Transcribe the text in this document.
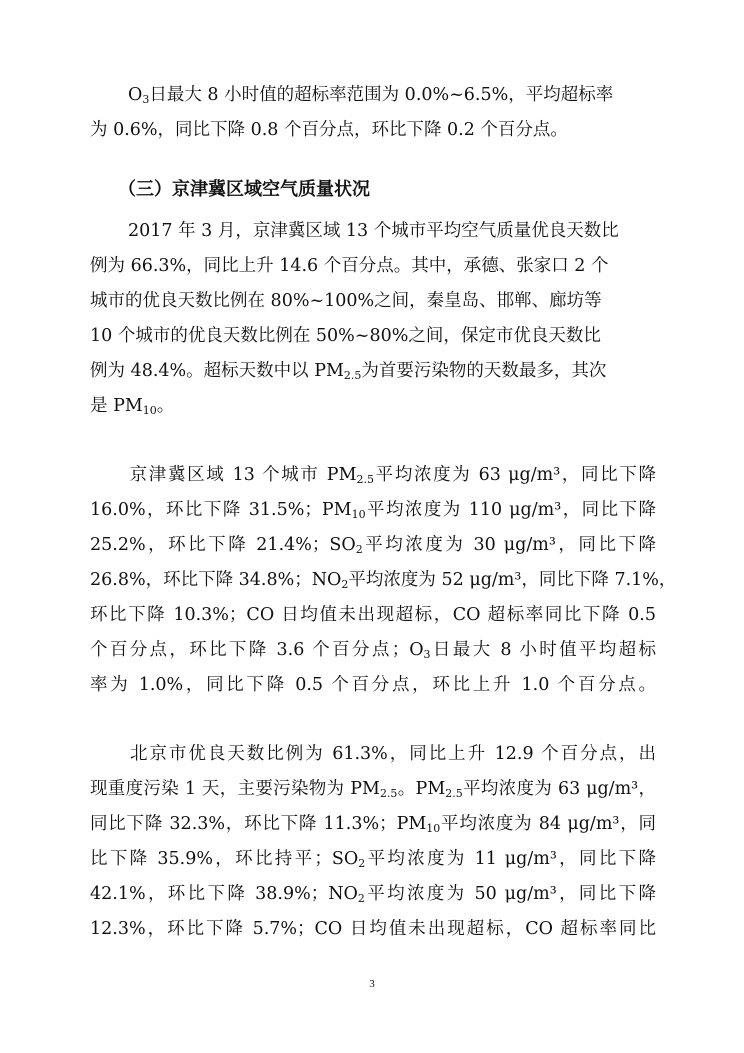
$O_3$日最大 8 小时值的超标率范围为 0.0%~6.5%，平均超标率
为 0.6%，同比下降 0.8 个百分点，环比下降 0.2 个百分点。
（三）京津冀区域空气质量状况
2017 年 3 月，京津冀区域 13 个城市平均空气质量优良天数比
例为 66.3%，同比上升 14.6 个百分点。其中，承德、张家口 2 个
城市的优良天数比例在 80%~100%之间，秦皇岛、邯郸、廊坊等
10 个城市的优良天数比例在 50%~80%之间，保定市优良天数比
例为 48.4%。超标天数中以 $PM_{2.5}$为首要污染物的天数最多，其次
是 $PM_{10}$。
京津冀区域 13 个城市 $PM_{2.5}$平均浓度为 63 μg/m³，同比下降
16.0%，环比下降 31.5%；$PM_{10}$平均浓度为 110 μg/m³，同比下降
25.2%，环比下降 21.4%；$SO_2$平均浓度为 30 μg/m³，同比下降
26.8%，环比下降 34.8%；$NO_2$平均浓度为 52 μg/m³，同比下降 7.1%，
环比下降 10.3%；CO 日均值未出现超标，CO 超标率同比下降 0.5
个百分点，环比下降 3.6 个百分点；$O_3$日最大 8 小时值平均超标
率为 1.0%，同比下降 0.5 个百分点，环比上升 1.0 个百分点。
北京市优良天数比例为 61.3%，同比上升 12.9 个百分点，出
现重度污染 1 天，主要污染物为 $PM_{2.5}$。$PM_{2.5}$平均浓度为 63 μg/m³，
同比下降 32.3%，环比下降 11.3%；$PM_{10}$平均浓度为 84 μg/m³，同
比下降 35.9%，环比持平；$SO_2$平均浓度为 11 μg/m³，同比下降
42.1%，环比下降 38.9%；$NO_2$平均浓度为 50 μg/m³，同比下降
12.3%，环比下降 5.7%；CO 日均值未出现超标，CO 超标率同比
3
